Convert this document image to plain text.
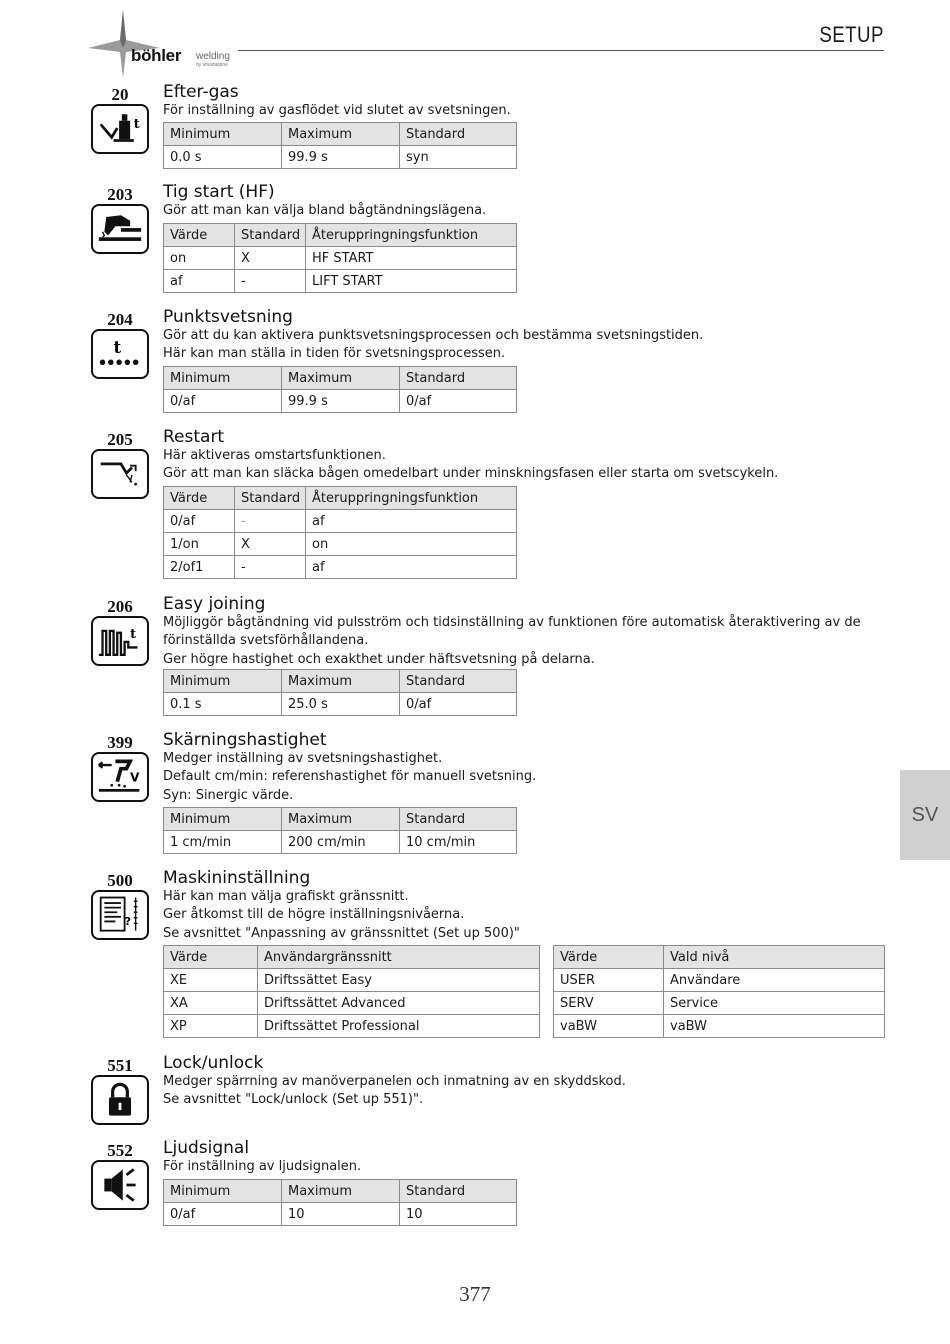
böhler welding
by voestalpine
SETUP
20
t
Efter-gas
För inställning av gasflödet vid slutet av svetsningen.
Minimum	Maximum	Standard
0.0 s	99.9 s	syn
203	Tig start (HF)
Gör att man kan välja bland bågtändningslägena.
Värde	Standard	Återuppringningsfunktion
on	X	HF START
af	-	LIFT START
204
t
Punktsvetsning
Gör att du kan aktivera punktsvetsningsprocessen och bestämma svetsningstiden.
Här kan man ställa in tiden för svetsningsprocessen.
Minimum	Maximum	Standard
0/af	99.9 s	0/af
205	Restart
Här aktiveras omstartsfunktionen.
Gör att man kan släcka bågen omedelbart under minskningsfasen eller starta om svetscykeln.
Värde	Standard	Återuppringningsfunktion
0/af	-	af
1/on	X	on
2/of1	-	af
206
t
Easy joining
Möjliggör bågtändning vid pulsström och tidsinställning av funktionen före automatisk återaktivering av de
förinställda svetsförhållandena.
Ger högre hastighet och exakthet under häftsvetsning på delarna.
Minimum	Maximum	Standard
0.1 s	25.0 s	0/af
399
V
Skärningshastighet
Medger inställning av svetsningshastighet.
Default cm/min: referenshastighet för manuell svetsning.
Syn: Sinergic värde.
Minimum	Maximum	Standard
1 cm/min	200 cm/min	10 cm/min
500
?
Maskininställning
Här kan man välja grafiskt gränssnitt.
Ger åtkomst till de högre inställningsnivåerna.
Se avsnittet "Anpassning av gränssnittet (Set up 500)"
Värde	Användargränssnitt
XE	Driftssättet Easy
XA	Driftssättet Advanced
XP	Driftssättet Professional
Värde	Vald nivå
USER	Användare
SERV	Service
vaBW	vaBW
551	Lock/unlock
Medger spärrning av manöverpanelen och inmatning av en skyddskod.
Se avsnittet "Lock/unlock (Set up 551)".
552	Ljudsignal
För inställning av ljudsignalen.
Minimum	Maximum	Standard
0/af	10	10
SV
377
